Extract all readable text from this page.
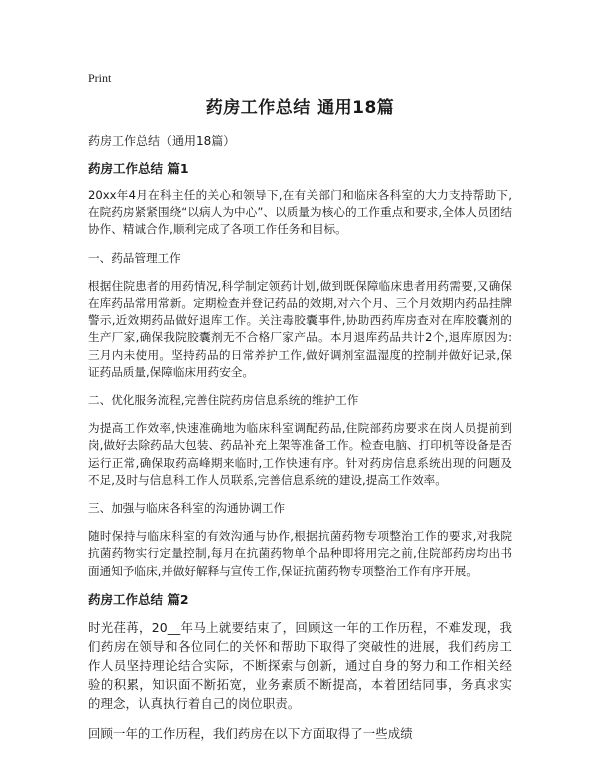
Print
药房工作总结 通用18篇
药房工作总结（通用18篇）
药房工作总结 篇1

20xx年4月在科主任的关心和领导下,在有关部门和临床各科室的大力支持帮助下,在院药房紧紧围绕“以病人为中心”、以质量为核心的工作重点和要求,全体人员团结协作、精诚合作,顺利完成了各项工作任务和目标。

一、药品管理工作

根据住院患者的用药情况,科学制定领药计划,做到既保障临床患者用药需要,又确保在库药品常用常新。定期检查并登记药品的效期,对六个月、三个月效期内药品挂牌警示,近效期药品做好退库工作。关注毒胶囊事件,协助西药库房查对在库胶囊剂的生产厂家,确保我院胶囊剂无不合格厂家产品。本月退库药品共计2个,退库原因为:三月内未使用。坚持药品的日常养护工作,做好调剂室温湿度的控制并做好记录,保证药品质量,保障临床用药安全。

二、优化服务流程,完善住院药房信息系统的维护工作

为提高工作效率,快速准确地为临床科室调配药品,住院部药房要求在岗人员提前到岗,做好去除药品大包装、药品补充上架等准备工作。检查电脑、打印机等设备是否运行正常,确保取药高峰期来临时,工作快速有序。针对药房信息系统出现的问题及不足,及时与信息科工作人员联系,完善信息系统的建设,提高工作效率。

三、加强与临床各科室的沟通协调工作

随时保持与临床科室的有效沟通与协作,根据抗菌药物专项整治工作的要求,对我院抗菌药物实行定量控制,每月在抗菌药物单个品种即将用完之前,住院部药房均出书面通知予临床,并做好解释与宣传工作,保证抗菌药物专项整治工作有序开展。

药房工作总结 篇2

时光荏苒，20__年马上就要结束了，回顾这一年的工作历程，不难发现，我们药房在领导和各位同仁的关怀和帮助下取得了突破性的进展，我们药房工作人员坚持理论结合实际，不断探索与创新，通过自身的努力和工作相关经验的积累，知识面不断拓宽，业务素质不断提高，本着团结同事，务真求实的理念，认真执行着自己的岗位职责。

回顾一年的工作历程，我们药房在以下方面取得了一些成绩
